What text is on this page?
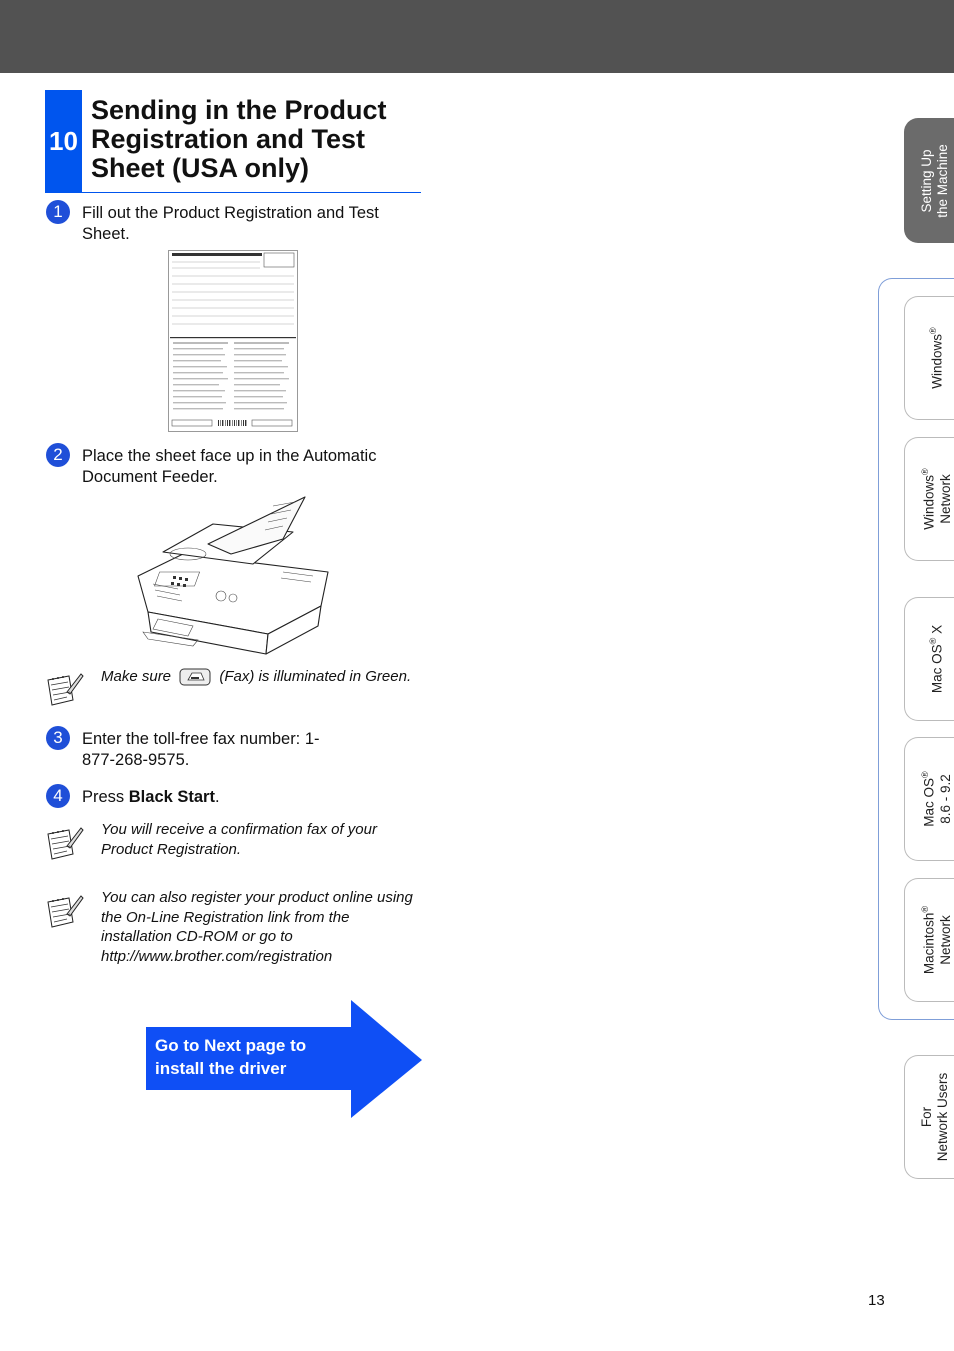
10
Sending in the Product Registration and Test Sheet (USA only)
1	Fill out the Product Registration and Test Sheet.
2	Place the sheet face up in the Automatic Document Feeder.
Make sure	(Fax) is illuminated in Green.
3	Enter the toll-free fax number: 1-877-268-9575.
4	Press Black Start.
You will receive a confirmation fax of your Product Registration.
You can also register your product online using the On-Line Registration link from the installation CD-ROM or go to http://www.brother.com/registration
Go to Next page to
install the driver
Setting Up the Machine
Windows®
Windows®
Network
Mac OS® X
Mac OS® 8.6 - 9.2
Macintosh®
Network
For Network Users
13
